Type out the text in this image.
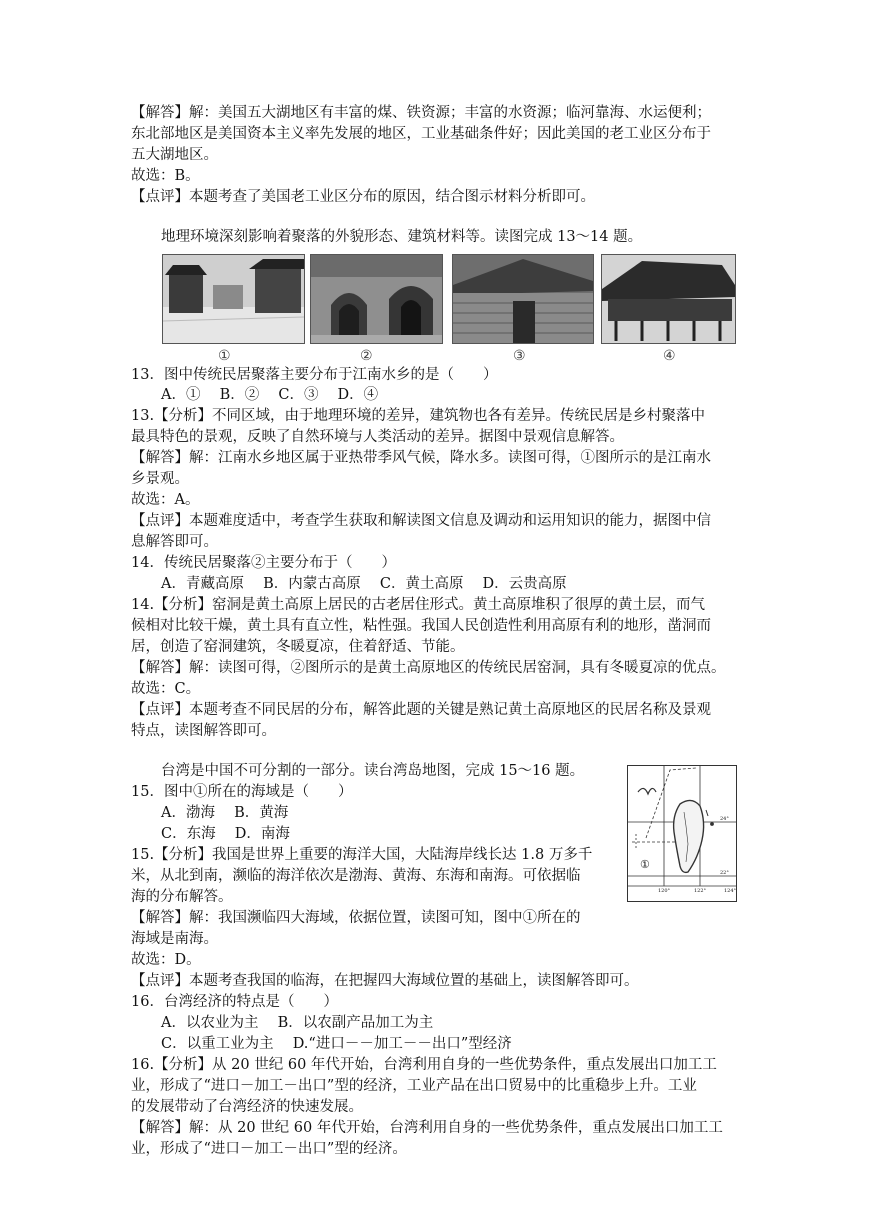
【解答】解：美国五大湖地区有丰富的煤、铁资源；丰富的水资源；临河靠海、水运便利；
东北部地区是美国资本主义率先发展的地区，工业基础条件好；因此美国的老工业区分布于
五大湖地区。
故选：B。
【点评】本题考查了美国老工业区分布的原因，结合图示材料分析即可。
地理环境深刻影响着聚落的外貌形态、建筑材料等。读图完成 13～14 题。
13．图中传统民居聚落主要分布于江南水乡的是（　　）
A．①　 B．②　 C．③　 D．④
13.【分析】不同区域，由于地理环境的差异，建筑物也各有差异。传统民居是乡村聚落中
最具特色的景观，反映了自然环境与人类活动的差异。据图中景观信息解答。
【解答】解：江南水乡地区属于亚热带季风气候，降水多。读图可得，①图所示的是江南水
乡景观。
故选：A。
【点评】本题难度适中，考查学生获取和解读图文信息及调动和运用知识的能力，据图中信
息解答即可。
14．传统民居聚落②主要分布于（　　）
A．青藏高原　 B．内蒙古高原　 C．黄土高原　 D．云贵高原
14.【分析】窑洞是黄土高原上居民的古老居住形式。黄土高原堆积了很厚的黄土层，而气
候相对比较干燥，黄土具有直立性，粘性强。我国人民创造性利用高原有利的地形，凿洞而
居，创造了窑洞建筑，冬暖夏凉，住着舒适、节能。
【解答】解：读图可得，②图所示的是黄土高原地区的传统民居窑洞，具有冬暖夏凉的优点。
故选：C。
【点评】本题考查不同民居的分布，解答此题的关键是熟记黄土高原地区的民居名称及景观
特点，读图解答即可。
台湾是中国不可分割的一部分。读台湾岛地图，完成 15～16 题。
15．图中①所在的海域是（　　）
A．渤海　 B．黄海
C．东海　 D．南海
15.【分析】我国是世界上重要的海洋大国，大陆海岸线长达 1.8 万多千
米，从北到南，濒临的海洋依次是渤海、黄海、东海和南海。可依据临
海的分布解答。
【解答】解：我国濒临四大海域，依据位置，读图可知，图中①所在的
海域是南海。
故选：D。
【点评】本题考查我国的临海，在把握四大海域位置的基础上，读图解答即可。
16．台湾经济的特点是（　　）
A．以农业为主　 B．以农副产品加工为主
C．以重工业为主　 D.“进口－－加工－－出口”型经济
16.【分析】从 20 世纪 60 年代开始，台湾利用自身的一些优势条件，重点发展出口加工工
业，形成了“进口－加工－出口”型的经济，工业产品在出口贸易中的比重稳步上升。工业
的发展带动了台湾经济的快速发展。
【解答】解：从 20 世纪 60 年代开始，台湾利用自身的一些优势条件，重点发展出口加工工
业，形成了“进口－加工－出口”型的经济。
①	②	③	④
①
24°
22°
120°	122°	124°
